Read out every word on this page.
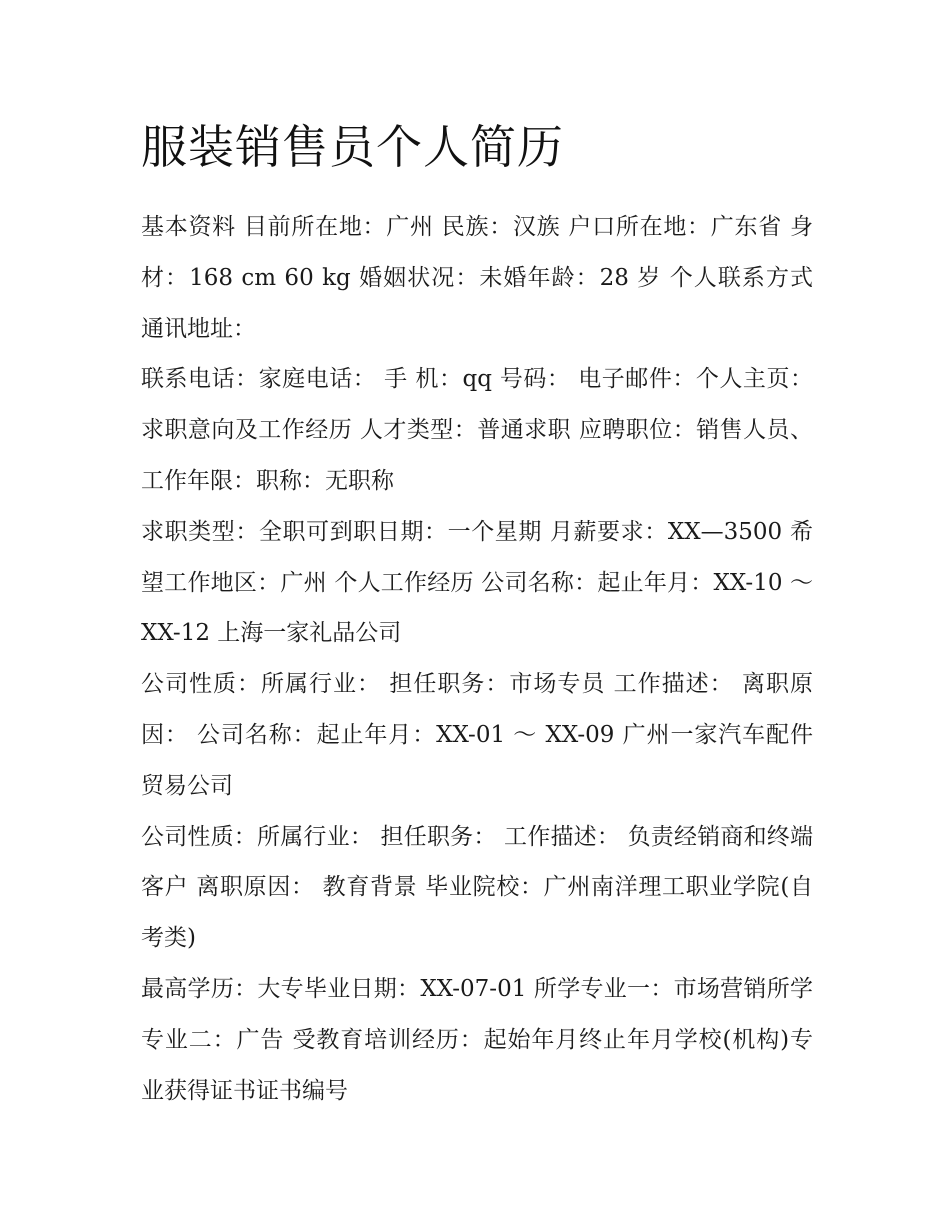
服装销售员个人简历

基本资料 目前所在地：广州 民族：汉族 户口所在地：广东省 身材：168 cm 60 kg 婚姻状况：未婚年龄：28 岁 个人联系方式 通讯地址：

联系电话：家庭电话： 手 机：qq 号码： 电子邮件：个人主页： 求职意向及工作经历 人才类型：普通求职 应聘职位：销售人员、 工作年限：职称：无职称

求职类型：全职可到职日期：一个星期 月薪要求：XX—3500 希望工作地区：广州 个人工作经历 公司名称：起止年月：XX-10 ～ XX-12 上海一家礼品公司

公司性质：所属行业： 担任职务：市场专员 工作描述： 离职原因： 公司名称：起止年月：XX-01 ～ XX-09 广州一家汽车配件贸易公司

公司性质：所属行业： 担任职务： 工作描述： 负责经销商和终端客户 离职原因： 教育背景 毕业院校：广州南洋理工职业学院(自考类)

最高学历：大专毕业日期：XX-07-01 所学专业一：市场营销所学专业二：广告 受教育培训经历：起始年月终止年月学校(机构)专 业获得证书证书编号
